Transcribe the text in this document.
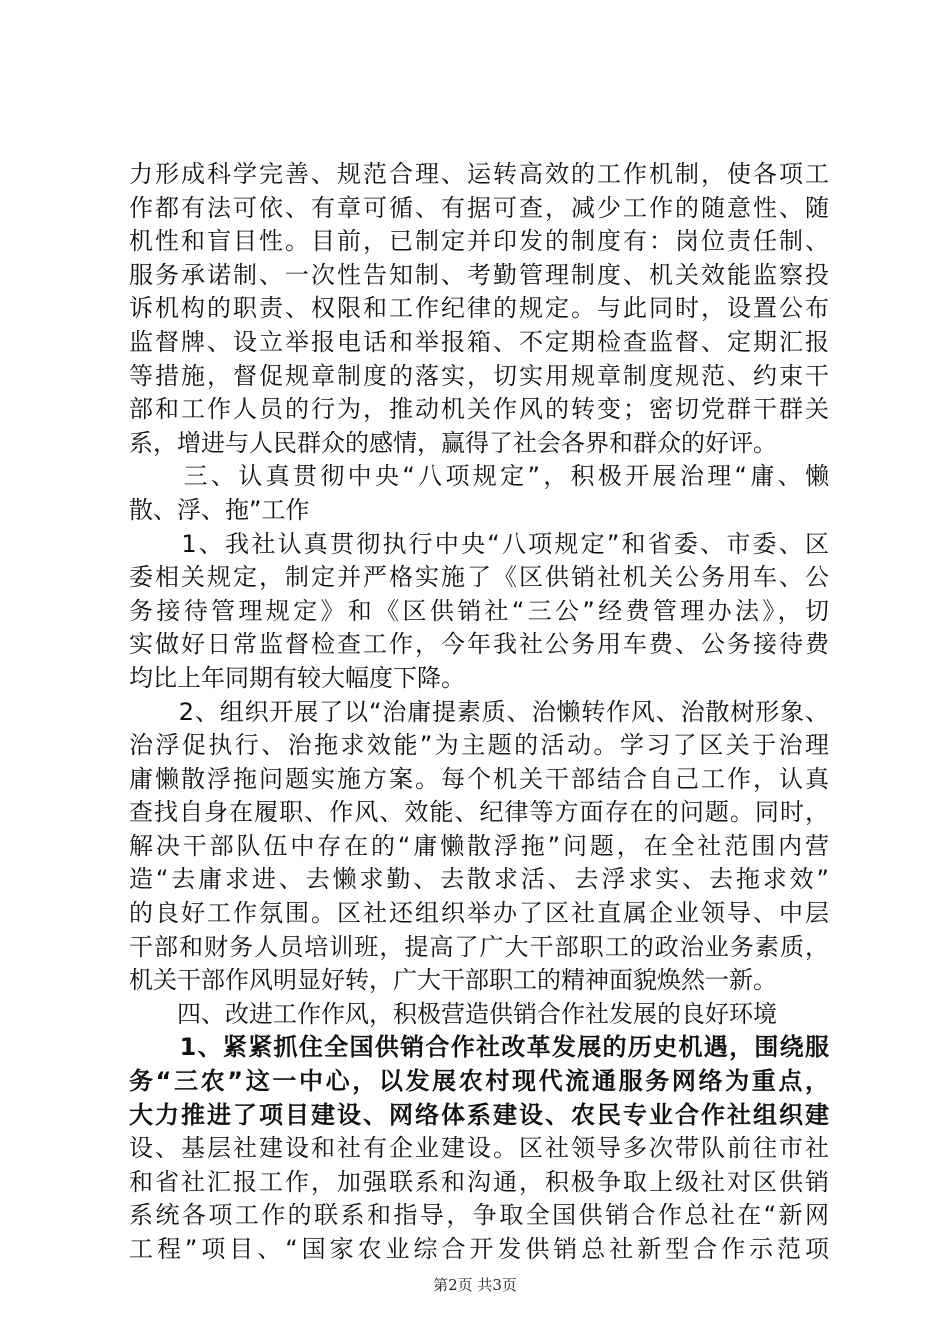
力形成科学完善、规范合理、运转高效的工作机制，使各项工
作都有法可依、有章可循、有据可查，减少工作的随意性、随
机性和盲目性。目前，已制定并印发的制度有：岗位责任制、
服务承诺制、一次性告知制、考勤管理制度、机关效能监察投
诉机构的职责、权限和工作纪律的规定。与此同时，设置公布
监督牌、设立举报电话和举报箱、不定期检查监督、定期汇报
等措施，督促规章制度的落实，切实用规章制度规范、约束干
部和工作人员的行为，推动机关作风的转变；密切党群干群关
系，增进与人民群众的感情，赢得了社会各界和群众的好评。
　　三、认真贯彻中央“八项规定”，积极开展治理“庸、懒
散、浮、拖”工作
　　1、我社认真贯彻执行中央“八项规定”和省委、市委、区
委相关规定，制定并严格实施了《区供销社机关公务用车、公
务接待管理规定》和《区供销社“三公”经费管理办法》，切
实做好日常监督检查工作，今年我社公务用车费、公务接待费
均比上年同期有较大幅度下降。
　　2、组织开展了以“治庸提素质、治懒转作风、治散树形象、
治浮促执行、治拖求效能”为主题的活动。学习了区关于治理
庸懒散浮拖问题实施方案。每个机关干部结合自己工作，认真
查找自身在履职、作风、效能、纪律等方面存在的问题。同时，
解决干部队伍中存在的“庸懒散浮拖”问题，在全社范围内营
造“去庸求进、去懒求勤、去散求活、去浮求实、去拖求效”
的良好工作氛围。区社还组织举办了区社直属企业领导、中层
干部和财务人员培训班，提高了广大干部职工的政治业务素质，
机关干部作风明显好转，广大干部职工的精神面貌焕然一新。
　　四、改进工作作风，积极营造供销合作社发展的良好环境
　　1、紧紧抓住全国供销合作社改革发展的历史机遇，围绕服
务“三农”这一中心，以发展农村现代流通服务网络为重点，
大力推进了项目建设、网络体系建设、农民专业合作社组织建
设、基层社建设和社有企业建设。区社领导多次带队前往市社
和省社汇报工作，加强联系和沟通，积极争取上级社对区供销
系统各项工作的联系和指导，争取全国供销合作总社在“新网
工程”项目、“国家农业综合开发供销总社新型合作示范项
第2页 共3页
